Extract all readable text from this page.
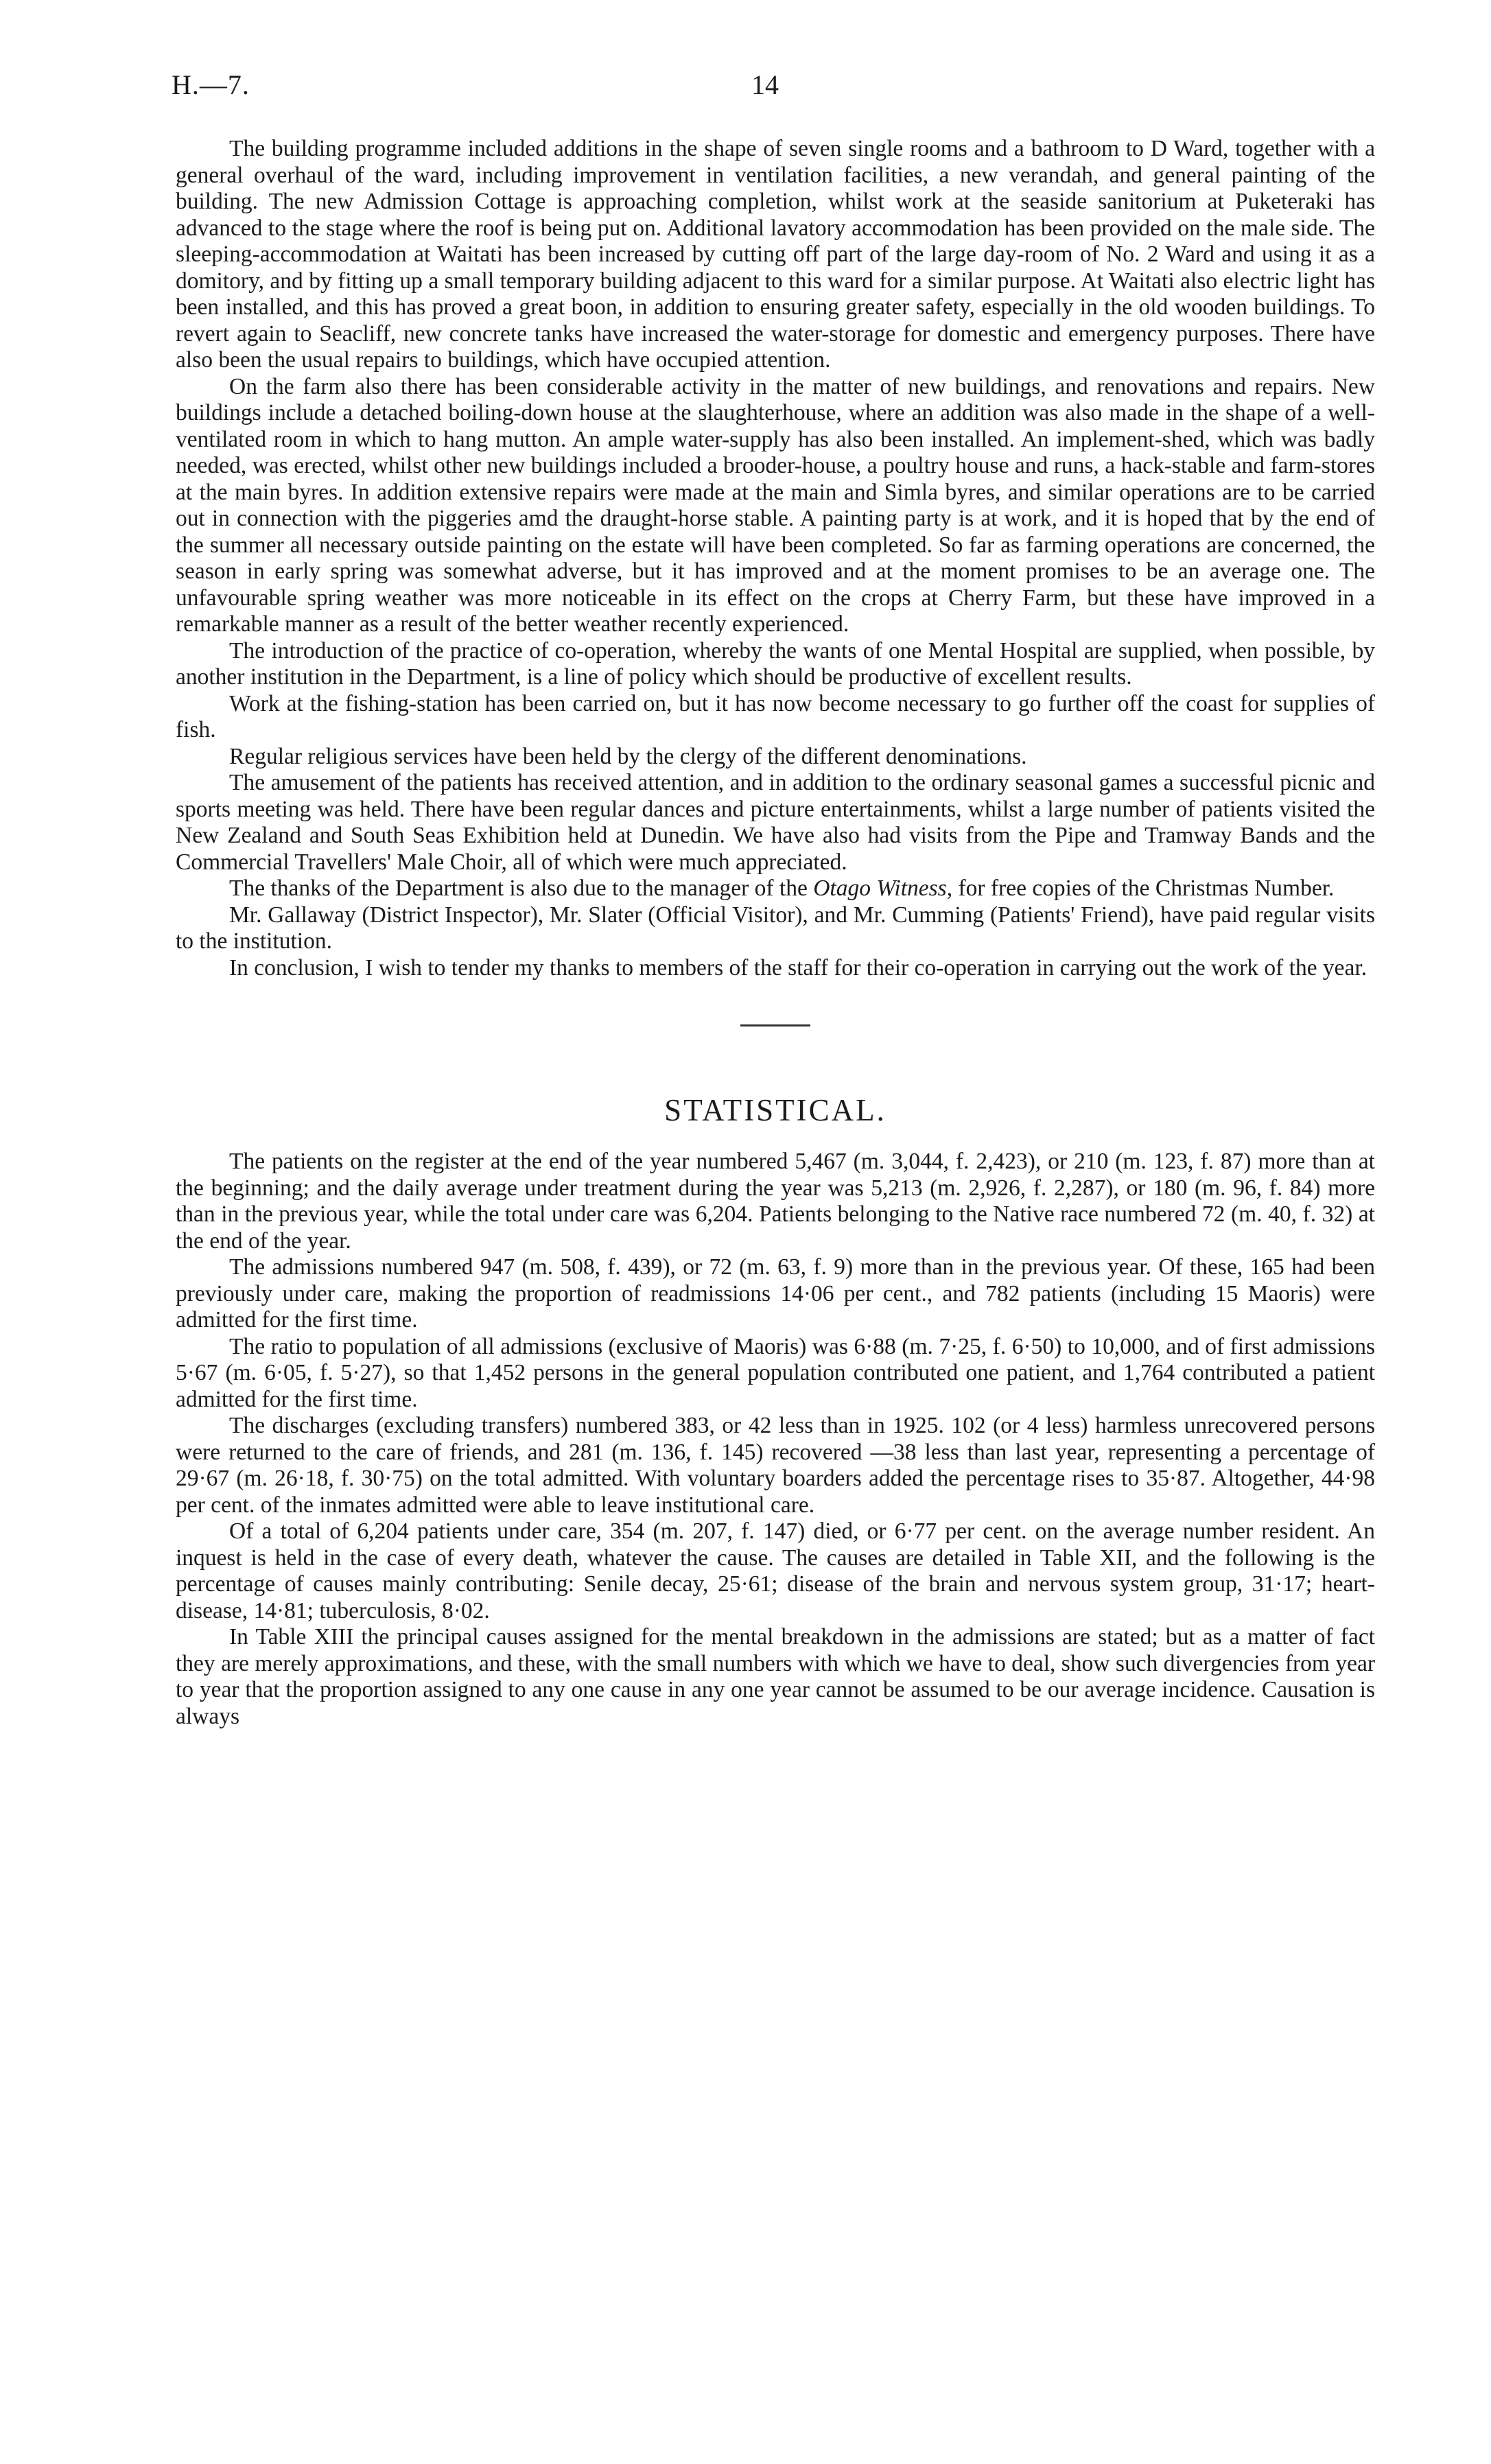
H.—7.	14

The building programme included additions in the shape of seven single rooms and a bathroom to D Ward, together with a general overhaul of the ward, including improvement in ventilation facilities, a new verandah, and general painting of the building. The new Admission Cottage is approaching completion, whilst work at the seaside sanitorium at Puketeraki has advanced to the stage where the roof is being put on. Additional lavatory accommodation has been provided on the male side. The sleeping-accommodation at Waitati has been increased by cutting off part of the large day-room of No. 2 Ward and using it as a domitory, and by fitting up a small temporary building adjacent to this ward for a similar purpose. At Waitati also electric light has been installed, and this has proved a great boon, in addition to ensuring greater safety, especially in the old wooden buildings. To revert again to Seacliff, new concrete tanks have increased the water-storage for domestic and emergency purposes. There have also been the usual repairs to buildings, which have occupied attention.

On the farm also there has been considerable activity in the matter of new buildings, and renovations and repairs. New buildings include a detached boiling-down house at the slaughterhouse, where an addition was also made in the shape of a well-ventilated room in which to hang mutton. An ample water-supply has also been installed. An implement-shed, which was badly needed, was erected, whilst other new buildings included a brooder-house, a poultry house and runs, a hack-stable and farm-stores at the main byres. In addition extensive repairs were made at the main and Simla byres, and similar operations are to be carried out in connection with the piggeries amd the draught-horse stable. A painting party is at work, and it is hoped that by the end of the summer all necessary outside painting on the estate will have been completed. So far as farming operations are concerned, the season in early spring was somewhat adverse, but it has improved and at the moment promises to be an average one. The unfavourable spring weather was more noticeable in its effect on the crops at Cherry Farm, but these have improved in a remarkable manner as a result of the better weather recently experienced.

The introduction of the practice of co-operation, whereby the wants of one Mental Hospital are supplied, when possible, by another institution in the Department, is a line of policy which should be productive of excellent results.

Work at the fishing-station has been carried on, but it has now become necessary to go further off the coast for supplies of fish.

Regular religious services have been held by the clergy of the different denominations.

The amusement of the patients has received attention, and in addition to the ordinary seasonal games a successful picnic and sports meeting was held. There have been regular dances and picture entertainments, whilst a large number of patients visited the New Zealand and South Seas Exhibition held at Dunedin. We have also had visits from the Pipe and Tramway Bands and the Commercial Travellers' Male Choir, all of which were much appreciated.

The thanks of the Department is also due to the manager of the Otago Witness, for free copies of the Christmas Number.

Mr. Gallaway (District Inspector), Mr. Slater (Official Visitor), and Mr. Cumming (Patients' Friend), have paid regular visits to the institution.

In conclusion, I wish to tender my thanks to members of the staff for their co-operation in carrying out the work of the year.

STATISTICAL.

The patients on the register at the end of the year numbered 5,467 (m. 3,044, f. 2,423), or 210 (m. 123, f. 87) more than at the beginning; and the daily average under treatment during the year was 5,213 (m. 2,926, f. 2,287), or 180 (m. 96, f. 84) more than in the previous year, while the total under care was 6,204. Patients belonging to the Native race numbered 72 (m. 40, f. 32) at the end of the year.

The admissions numbered 947 (m. 508, f. 439), or 72 (m. 63, f. 9) more than in the previous year. Of these, 165 had been previously under care, making the proportion of readmissions 14·06 per cent., and 782 patients (including 15 Maoris) were admitted for the first time.

The ratio to population of all admissions (exclusive of Maoris) was 6·88 (m. 7·25, f. 6·50) to 10,000, and of first admissions 5·67 (m. 6·05, f. 5·27), so that 1,452 persons in the general population contributed one patient, and 1,764 contributed a patient admitted for the first time.

The discharges (excluding transfers) numbered 383, or 42 less than in 1925. 102 (or 4 less) harmless unrecovered persons were returned to the care of friends, and 281 (m. 136, f. 145) recovered —38 less than last year, representing a percentage of 29·67 (m. 26·18, f. 30·75) on the total admitted. With voluntary boarders added the percentage rises to 35·87. Altogether, 44·98 per cent. of the inmates admitted were able to leave institutional care.

Of a total of 6,204 patients under care, 354 (m. 207, f. 147) died, or 6·77 per cent. on the average number resident. An inquest is held in the case of every death, whatever the cause. The causes are detailed in Table XII, and the following is the percentage of causes mainly contributing: Senile decay, 25·61; disease of the brain and nervous system group, 31·17; heart-disease, 14·81; tuberculosis, 8·02.

In Table XIII the principal causes assigned for the mental breakdown in the admissions are stated; but as a matter of fact they are merely approximations, and these, with the small numbers with which we have to deal, show such divergencies from year to year that the proportion assigned to any one cause in any one year cannot be assumed to be our average incidence. Causation is always
